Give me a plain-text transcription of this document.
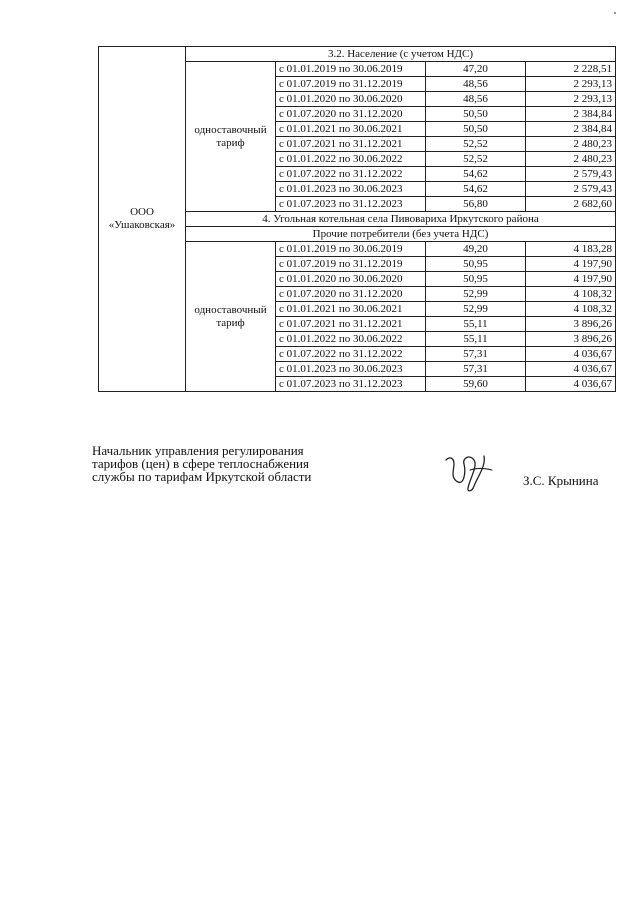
ООО «Ушаковская»	3.2. Население (с учетом НДС)			
	одноставочный тариф	с 01.01.2019 по 30.06.2019	47,20	2 228,51
		с 01.07.2019 по 31.12.2019	48,56	2 293,13
		с 01.01.2020 по 30.06.2020	48,56	2 293,13
		с 01.07.2020 по 31.12.2020	50,50	2 384,84
		с 01.01.2021 по 30.06.2021	50,50	2 384,84
		с 01.07.2021 по 31.12.2021	52,52	2 480,23
		с 01.01.2022 по 30.06.2022	52,52	2 480,23
		с 01.07.2022 по 31.12.2022	54,62	2 579,43
		с 01.01.2023 по 30.06.2023	54,62	2 579,43
		с 01.07.2023 по 31.12.2023	56,80	2 682,60
	4. Угольная котельная села Пивовариха Иркутского района			
	Прочие потребители (без учета НДС)			
	одноставочный тариф	с 01.01.2019 по 30.06.2019	49,20	4 183,28
		с 01.07.2019 по 31.12.2019	50,95	4 197,90
		с 01.01.2020 по 30.06.2020	50,95	4 197,90
		с 01.07.2020 по 31.12.2020	52,99	4 108,32
		с 01.01.2021 по 30.06.2021	52,99	4 108,32
		с 01.07.2021 по 31.12.2021	55,11	3 896,26
		с 01.01.2022 по 30.06.2022	55,11	3 896,26
		с 01.07.2022 по 31.12.2022	57,31	4 036,67
		с 01.01.2023 по 30.06.2023	57,31	4 036,67
		с 01.07.2023 по 31.12.2023	59,60	4 036,67
Начальник управления регулирования
тарифов (цен) в сфере теплоснабжения
службы по тарифам Иркутской области	З.С. Крынина
